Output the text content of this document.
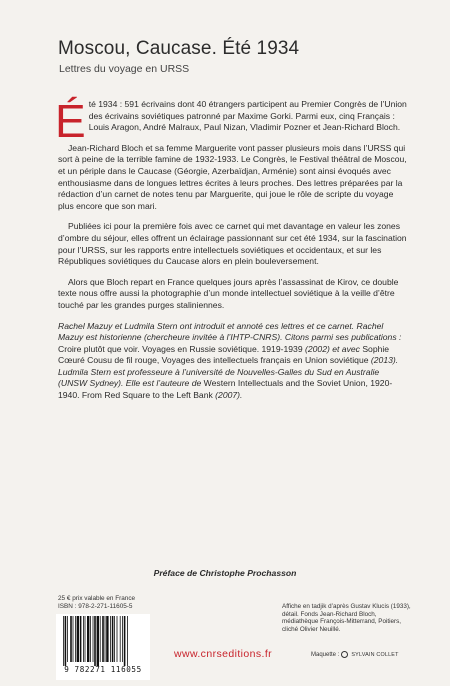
Moscou, Caucase. Été 1934
Lettres du voyage en URSS

Été 1934 : 591 écrivains dont 40 étrangers participent au Premier Congrès de l’Union des écrivains soviétiques patronné par Maxime Gorki. Parmi eux, cinq Français : Louis Aragon, André Malraux, Paul Nizan, Vladimir Pozner et Jean-Richard Bloch.

Jean-Richard Bloch et sa femme Marguerite vont passer plusieurs mois dans l’URSS qui sort à peine de la terrible famine de 1932-1933. Le Congrès, le Festival théâtral de Moscou, et un périple dans le Caucase (Géorgie, Azerbaïdjan, Arménie) sont ainsi évoqués avec enthousiasme dans de longues lettres écrites à leurs proches. Des lettres préparées par la rédaction d’un carnet de notes tenu par Marguerite, qui joue le rôle de scripte du voyage plus encore que son mari.

Publiées ici pour la première fois avec ce carnet qui met davantage en valeur les zones d’ombre du séjour, elles offrent un éclairage passionnant sur cet été 1934, sur la fascination pour l’URSS, sur les rapports entre intellectuels soviétiques et occidentaux, et sur les Républiques soviétiques du Caucase alors en plein bouleversement.

Alors que Bloch repart en France quelques jours après l’assassinat de Kirov, ce double texte nous offre aussi la photographie d’un monde intellectuel soviétique à la veille d’être touché par les grandes purges staliniennes.

Rachel Mazuy et Ludmila Stern ont introduit et annoté ces lettres et ce carnet. Rachel Mazuy est historienne (chercheure invitée à l’IHTP-CNRS). Citons parmi ses publications : Croire plutôt que voir. Voyages en Russie soviétique. 1919-1939 (2002) et avec Sophie Cœuré Cousu de fil rouge, Voyages des intellectuels français en Union soviétique (2013). Ludmila Stern est professeure à l’université de Nouvelles-Galles du Sud en Australie (UNSW Sydney). Elle est l’auteure de Western Intellectuals and the Soviet Union, 1920-1940. From Red Square to the Left Bank (2007).

Préface de Christophe Prochasson
25 € prix valable en France
ISBN : 978-2-271-11605-5
9 782271 116055
Affiche en tadjik d’après Gustav Klucis (1933), détail. Fonds Jean-Richard Bloch, médiathèque François-Mitterrand, Poitiers, cliché Olivier Neuillé.
www.cnrseditions.fr	Maquette : SYLVAIN COLLET
